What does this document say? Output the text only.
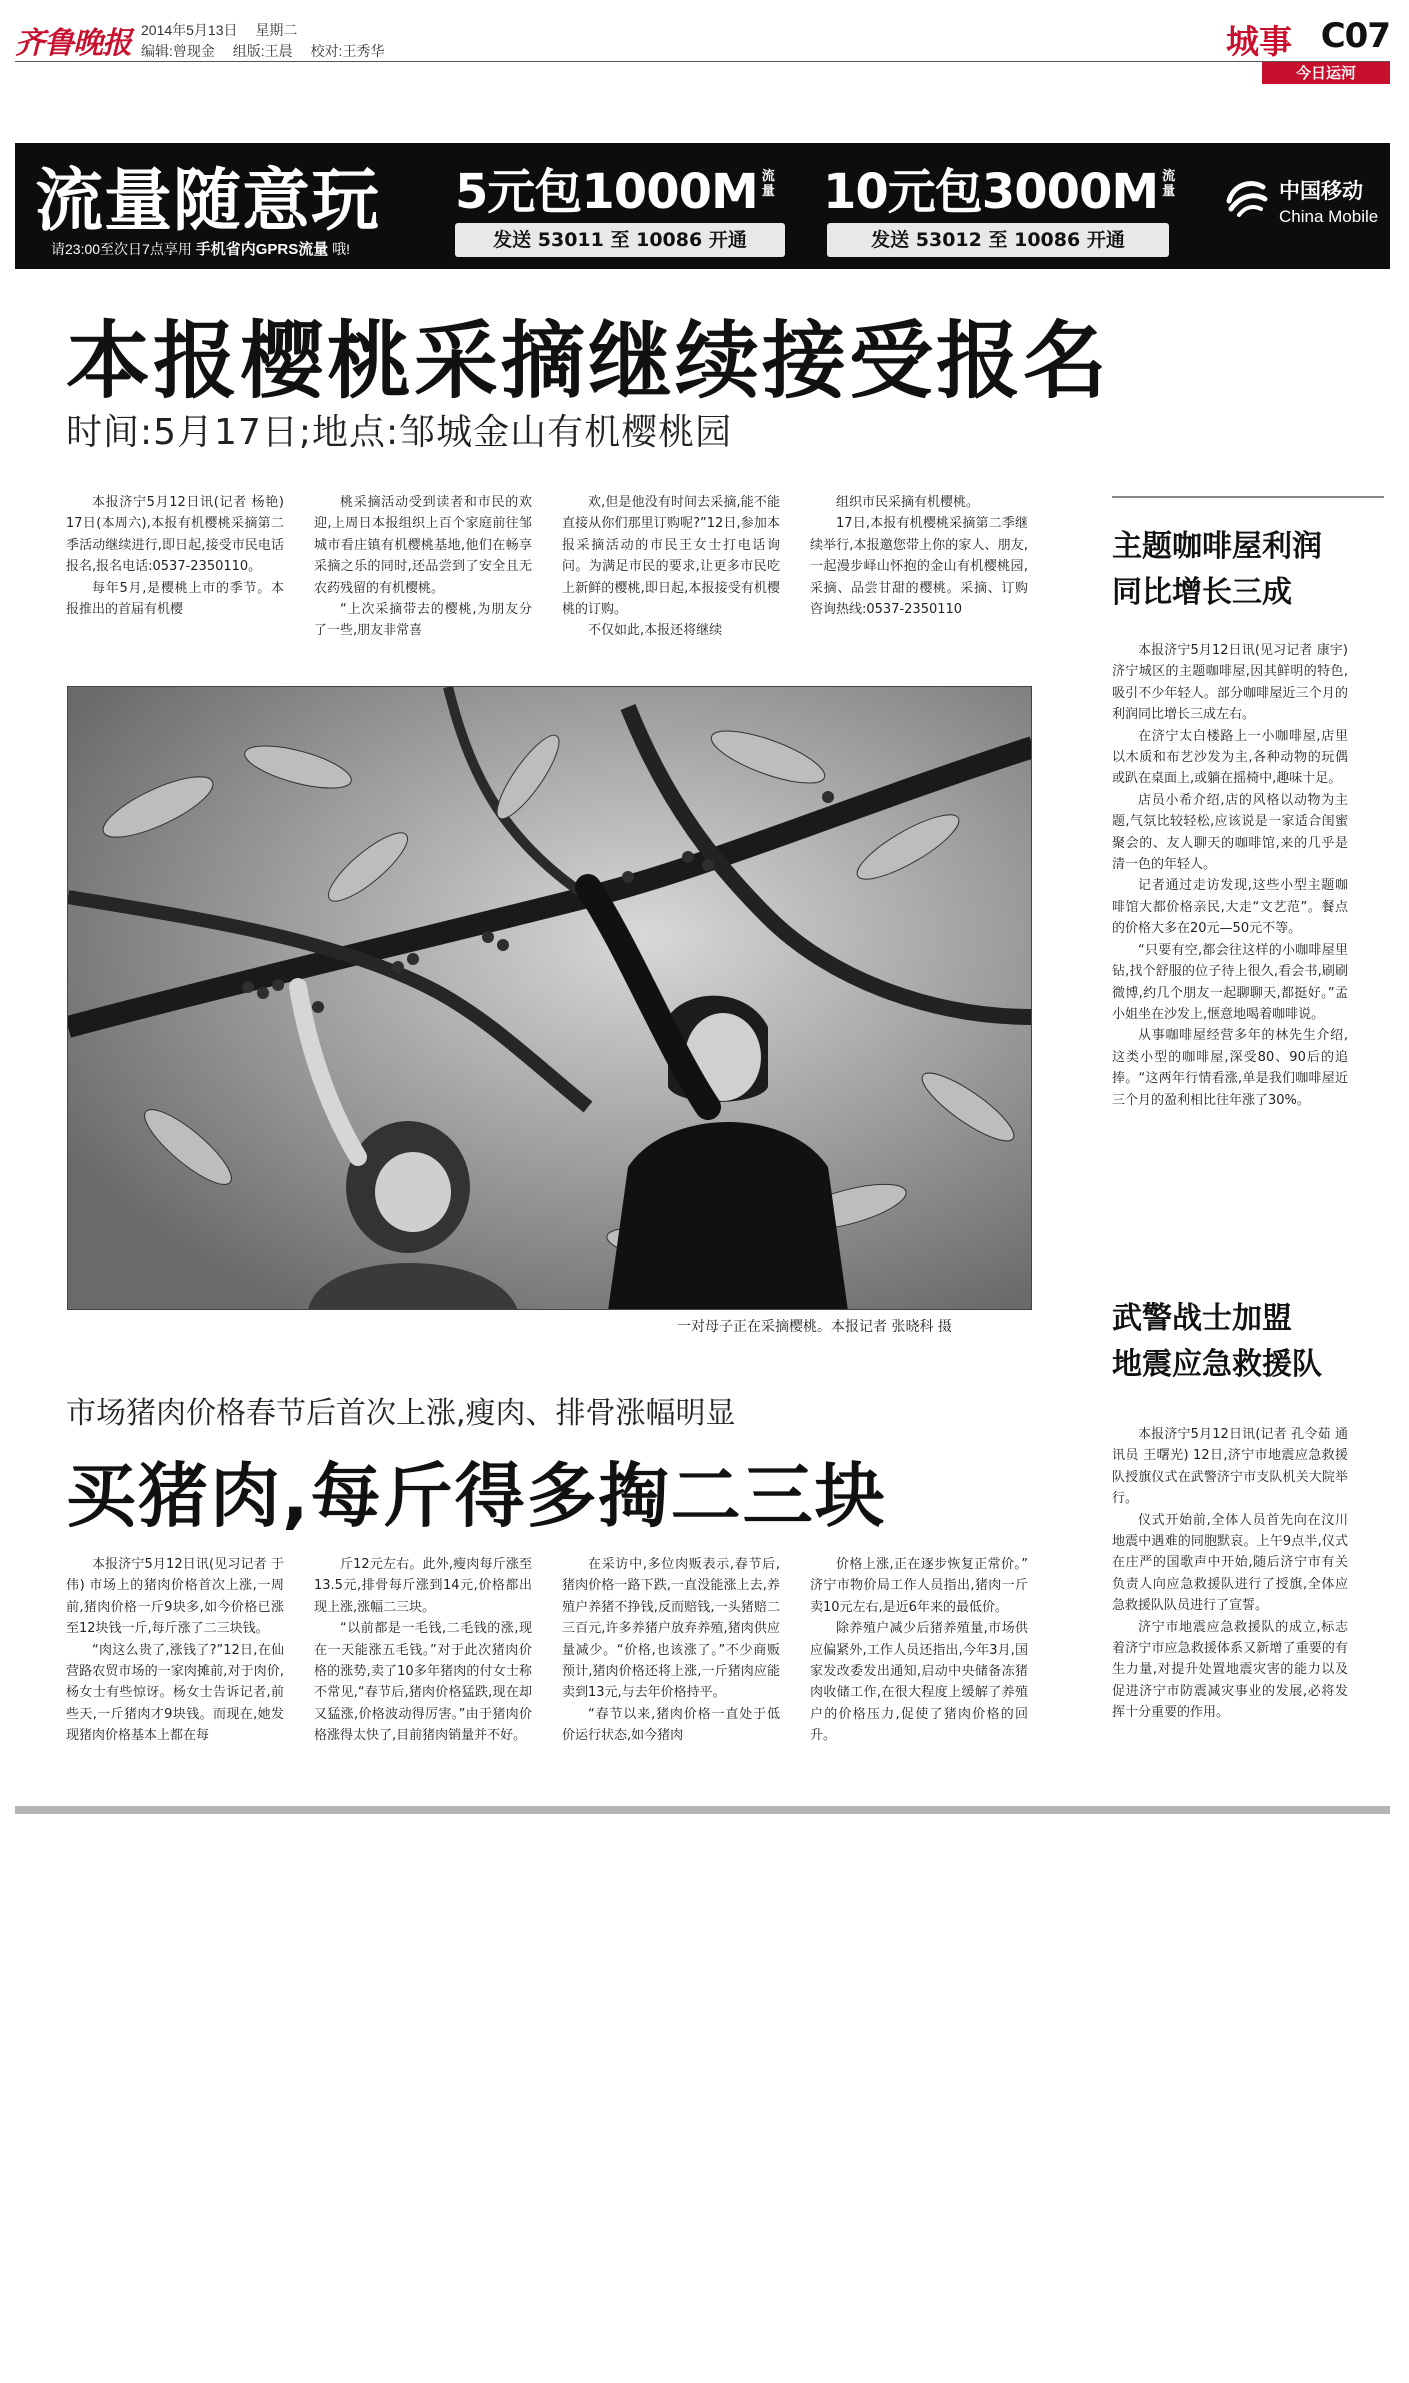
齐鲁晚报 2014年5月13日 星期二
编辑:曾现金 组版:王晨 校对:王秀华	城事 C07
今日运河
流量随意玩
请23:00至次日7点享用 手机省内GPRS流量 哦!
5元包1000M $^{流量}$ 10元包3000M $^{流量}$
发送 53011 至 10086 开通	发送 53012 至 10086 开通
中国移动
China Mobile
本报樱桃采摘继续接受报名
时间:5月17日;地点:邹城金山有机樱桃园

本报济宁5月12日讯(记者 杨艳) 17日(本周六),本报有机樱桃采摘第二季活动继续进行,即日起,接受市民电话报名,报名电话:0537-2350110。

每年5月,是樱桃上市的季节。本报推出的首届有机樱

桃采摘活动受到读者和市民的欢迎,上周日本报组织上百个家庭前往邹城市看庄镇有机樱桃基地,他们在畅享采摘之乐的同时,还品尝到了安全且无农药残留的有机樱桃。

“上次采摘带去的樱桃,为朋友分了一些,朋友非常喜

欢,但是他没有时间去采摘,能不能直接从你们那里订购呢?”12日,参加本报采摘活动的市民王女士打电话询问。为满足市民的要求,让更多市民吃上新鲜的樱桃,即日起,本报接受有机樱桃的订购。

不仅如此,本报还将继续

组织市民采摘有机樱桃。

17日,本报有机樱桃采摘第二季继续举行,本报邀您带上你的家人、朋友,一起漫步峄山怀抱的金山有机樱桃园,采摘、品尝甘甜的樱桃。采摘、订购咨询热线:0537-2350110

一对母子正在采摘樱桃。本报记者 张晓科 摄
市场猪肉价格春节后首次上涨,瘦肉、排骨涨幅明显
买猪肉,每斤得多掏二三块

本报济宁5月12日讯(见习记者 于伟) 市场上的猪肉价格首次上涨,一周前,猪肉价格一斤9块多,如今价格已涨至12块钱一斤,每斤涨了二三块钱。

“肉这么贵了,涨钱了?”12日,在仙营路农贸市场的一家肉摊前,对于肉价,杨女士有些惊讶。杨女士告诉记者,前些天,一斤猪肉才9块钱。而现在,她发现猪肉价格基本上都在每

斤12元左右。此外,瘦肉每斤涨至13.5元,排骨每斤涨到14元,价格都出现上涨,涨幅二三块。

“以前都是一毛钱,二毛钱的涨,现在一天能涨五毛钱。”对于此次猪肉价格的涨势,卖了10多年猪肉的付女士称不常见,“春节后,猪肉价格猛跌,现在却又猛涨,价格波动得厉害。”由于猪肉价格涨得太快了,目前猪肉销量并不好。

在采访中,多位肉贩表示,春节后,猪肉价格一路下跌,一直没能涨上去,养殖户养猪不挣钱,反而赔钱,一头猪赔二三百元,许多养猪户放弃养殖,猪肉供应量减少。“价格,也该涨了。”不少商贩预计,猪肉价格还将上涨,一斤猪肉应能卖到13元,与去年价格持平。

“春节以来,猪肉价格一直处于低价运行状态,如今猪肉

价格上涨,正在逐步恢复正常价。” 济宁市物价局工作人员指出,猪肉一斤卖10元左右,是近6年来的最低价。

除养殖户减少后猪养殖量,市场供应偏紧外,工作人员还指出,今年3月,国家发改委发出通知,启动中央储备冻猪肉收储工作,在很大程度上缓解了养殖户的价格压力,促使了猪肉价格的回升。

主题咖啡屋利润
同比增长三成

本报济宁5月12日讯(见习记者 康宇) 济宁城区的主题咖啡屋,因其鲜明的特色,吸引不少年轻人。部分咖啡屋近三个月的利润同比增长三成左右。

在济宁太白楼路上一小咖啡屋,店里以木质和布艺沙发为主,各种动物的玩偶或趴在桌面上,或躺在摇椅中,趣味十足。

店员小希介绍,店的风格以动物为主题,气氛比较轻松,应该说是一家适合闺蜜聚会的、友人聊天的咖啡馆,来的几乎是清一色的年轻人。

记者通过走访发现,这些小型主题咖啡馆大都价格亲民,大走“文艺范”。餐点的价格大多在20元—50元不等。

“只要有空,都会往这样的小咖啡屋里钻,找个舒服的位子待上很久,看会书,刷刷微博,约几个朋友一起聊聊天,都挺好。”孟小姐坐在沙发上,惬意地喝着咖啡说。

从事咖啡屋经营多年的林先生介绍,这类小型的咖啡屋,深受80、90后的追捧。“这两年行情看涨,单是我们咖啡屋近三个月的盈利相比往年涨了30%。

武警战士加盟
地震应急救援队

本报济宁5月12日讯(记者 孔令茹 通讯员 王曙光) 12日,济宁市地震应急救援队授旗仪式在武警济宁市支队机关大院举行。

仪式开始前,全体人员首先向在汶川地震中遇难的同胞默哀。上午9点半,仪式在庄严的国歌声中开始,随后济宁市有关负责人向应急救援队进行了授旗,全体应急救援队队员进行了宣誓。

济宁市地震应急救援队的成立,标志着济宁市应急救援体系又新增了重要的有生力量,对提升处置地震灾害的能力以及促进济宁市防震减灾事业的发展,必将发挥十分重要的作用。
